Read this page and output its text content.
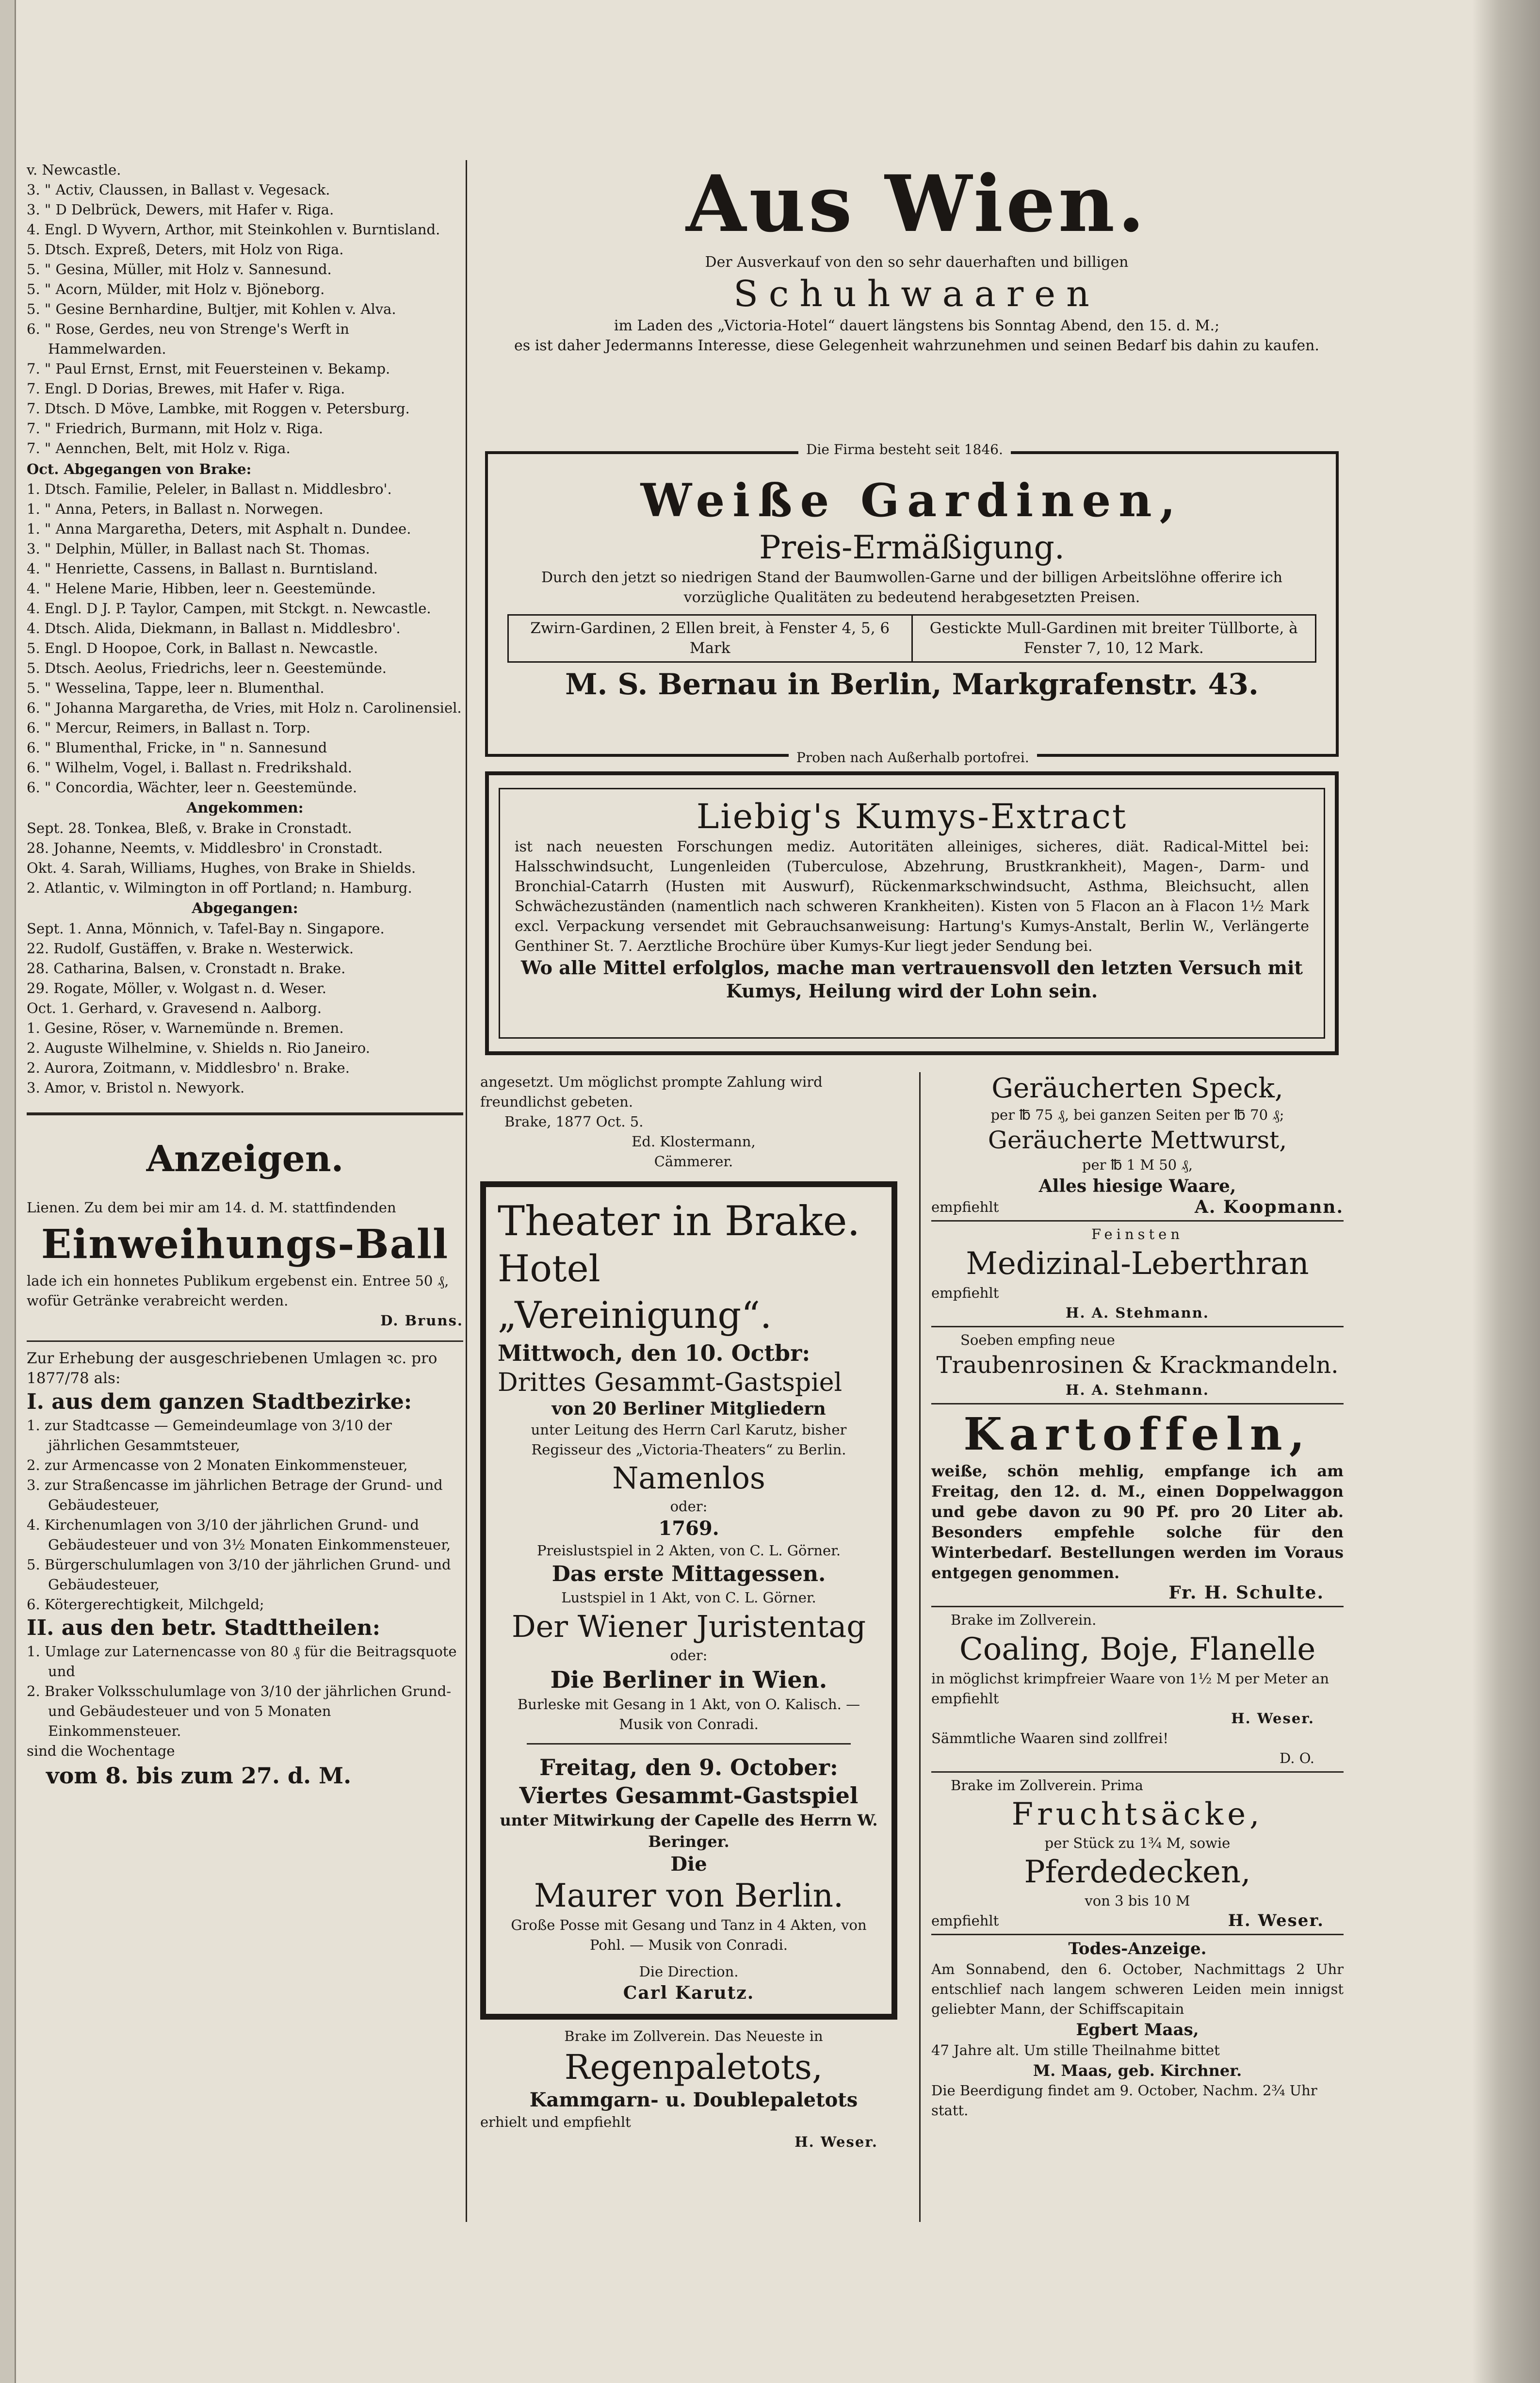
v. Newcastle.
3. " Activ, Claussen, in Ballast v. Vegesack.
3. " D Delbrück, Dewers, mit Hafer v. Riga.
4. Engl. D Wyvern, Arthor, mit Steinkohlen v. Burntisland.
5. Dtsch. Expreß, Deters, mit Holz von Riga.
5. " Gesina, Müller, mit Holz v. Sannesund.
5. " Acorn, Mülder, mit Holz v. Bjöneborg.
5. " Gesine Bernhardine, Bultjer, mit Kohlen v. Alva.
6. " Rose, Gerdes, neu von Strenge's Werft in Hammelwarden.
7. " Paul Ernst, Ernst, mit Feuersteinen v. Bekamp.
7. Engl. D Dorias, Brewes, mit Hafer v. Riga.
7. Dtsch. D Möve, Lambke, mit Roggen v. Petersburg.
7. " Friedrich, Burmann, mit Holz v. Riga.
7. " Aennchen, Belt, mit Holz v. Riga.
Oct. Abgegangen von Brake:
1. Dtsch. Familie, Peleler, in Ballast n. Middlesbro'.
1. " Anna, Peters, in Ballast n. Norwegen.
1. " Anna Margaretha, Deters, mit Asphalt n. Dundee.
3. " Delphin, Müller, in Ballast nach St. Thomas.
4. " Henriette, Cassens, in Ballast n. Burntisland.
4. " Helene Marie, Hibben, leer n. Geestemünde.
4. Engl. D J. P. Taylor, Campen, mit Stckgt. n. Newcastle.
4. Dtsch. Alida, Diekmann, in Ballast n. Middlesbro'.
5. Engl. D Hoopoe, Cork, in Ballast n. Newcastle.
5. Dtsch. Aeolus, Friedrichs, leer n. Geestemünde.
5. " Wesselina, Tappe, leer n. Blumenthal.
6. " Johanna Margaretha, de Vries, mit Holz n. Carolinensiel.
6. " Mercur, Reimers, in Ballast n. Torp.
6. " Blumenthal, Fricke, in " n. Sannesund
6. " Wilhelm, Vogel, i. Ballast n. Fredrikshald.
6. " Concordia, Wächter, leer n. Geestemünde.
Angekommen:
Sept. 28. Tonkea, Bleß, v. Brake in Cronstadt.
28. Johanne, Neemts, v. Middlesbro' in Cronstadt.
Okt. 4. Sarah, Williams, Hughes, von Brake in Shields.
2. Atlantic, v. Wilmington in off Portland; n. Hamburg.
Abgegangen:
Sept. 1. Anna, Mönnich, v. Tafel-Bay n. Singapore.
22. Rudolf, Gustäffen, v. Brake n. Westerwick.
28. Catharina, Balsen, v. Cronstadt n. Brake.
29. Rogate, Möller, v. Wolgast n. d. Weser.
Oct. 1. Gerhard, v. Gravesend n. Aalborg.
1. Gesine, Röser, v. Warnemünde n. Bremen.
2. Auguste Wilhelmine, v. Shields n. Rio Janeiro.
2. Aurora, Zoitmann, v. Middlesbro' n. Brake.
3. Amor, v. Bristol n. Newyork.
Anzeigen.
Lienen. Zu dem bei mir am 14. d. M. stattfindenden
Einweihungs-Ball
lade ich ein honnetes Publikum ergebenst ein. Entree 50 ₰, wofür Getränke verabreicht werden.
D. Bruns.
Zur Erhebung der ausgeschriebenen Umlagen ꝛc. pro 1877/78 als:
I. aus dem ganzen Stadtbezirke:
1. zur Stadtcasse — Gemeindeumlage von 3/10 der jährlichen Gesammtsteuer,
2. zur Armencasse von 2 Monaten Einkommensteuer,
3. zur Straßencasse im jährlichen Betrage der Grund- und Gebäudesteuer,
4. Kirchenumlagen von 3/10 der jährlichen Grund- und Gebäudesteuer und von 3½ Monaten Einkommensteuer,
5. Bürgerschulumlagen von 3/10 der jährlichen Grund- und Gebäudesteuer,
6. Kötergerechtigkeit, Milchgeld;
II. aus den betr. Stadttheilen:
1. Umlage zur Laternencasse von 80 ₰ für die Beitragsquote und
2. Braker Volksschulumlage von 3/10 der jährlichen Grund- und Gebäudesteuer und von 5 Monaten Einkommensteuer.
sind die Wochentage
vom 8. bis zum 27. d. M.
Aus Wien.
Der Ausverkauf von den so sehr dauerhaften und billigen
Schuhwaaren
im Laden des „Victoria-Hotel“ dauert längstens bis Sonntag Abend, den 15. d. M.;
es ist daher Jedermanns Interesse, diese Gelegenheit wahrzunehmen und seinen Bedarf bis dahin zu kaufen.
Die Firma besteht seit 1846.
Weiße Gardinen,
Preis-Ermäßigung.
Durch den jetzt so niedrigen Stand der Baumwollen-Garne und der billigen Arbeitslöhne offerire ich vorzügliche Qualitäten zu bedeutend herabgesetzten Preisen.
Zwirn-Gardinen, 2 Ellen breit, à Fenster 4, 5, 6 Mark
Gestickte Mull-Gardinen mit breiter Tüllborte, à Fenster 7, 10, 12 Mark.
M. S. Bernau in Berlin, Markgrafenstr. 43.
Proben nach Außerhalb portofrei.
Liebig's Kumys-Extract
ist nach neuesten Forschungen mediz. Autoritäten alleiniges, sicheres, diät. Radical-Mittel bei: Halsschwindsucht, Lungenleiden (Tuberculose, Abzehrung, Brustkrankheit), Magen-, Darm- und Bronchial-Catarrh (Husten mit Auswurf), Rückenmarkschwindsucht, Asthma, Bleichsucht, allen Schwächezuständen (namentlich nach schweren Krankheiten). Kisten von 5 Flacon an à Flacon 1½ Mark excl. Verpackung versendet mit Gebrauchsanweisung: Hartung's Kumys-Anstalt, Berlin W., Verlängerte Genthiner St. 7. Aerztliche Brochüre über Kumys-Kur liegt jeder Sendung bei.
Wo alle Mittel erfolglos, mache man vertrauensvoll den letzten Versuch mit Kumys, Heilung wird der Lohn sein.
angesetzt. Um möglichst prompte Zahlung wird freundlichst gebeten.
Brake, 1877 Oct. 5.
Ed. Klostermann,
Cämmerer.
Theater in Brake.
Hotel „Vereinigung“.
Mittwoch, den 10. Octbr:
Drittes Gesammt-Gastspiel
von 20 Berliner Mitgliedern
unter Leitung des Herrn Carl Karutz, bisher Regisseur des „Victoria-Theaters“ zu Berlin.
Namenlos
oder:
1769.
Preislustspiel in 2 Akten, von C. L. Görner.
Das erste Mittagessen.
Lustspiel in 1 Akt, von C. L. Görner.
Der Wiener Juristentag
oder:
Die Berliner in Wien.
Burleske mit Gesang in 1 Akt, von O. Kalisch. — Musik von Conradi.
Freitag, den 9. October:
Viertes Gesammt-Gastspiel
unter Mitwirkung der Capelle des Herrn W. Beringer.
Die
Maurer von Berlin.
Große Posse mit Gesang und Tanz in 4 Akten, von Pohl. — Musik von Conradi.
Die Direction.
Carl Karutz.
Brake im Zollverein. Das Neueste in
Regenpaletots,
Kammgarn- u. Doublepaletots
erhielt und empfiehlt
H. Weser.
Geräucherten Speck,
per ℔ 75 ₰, bei ganzen Seiten per ℔ 70 ₰;
Geräucherte Mettwurst,
per ℔ 1 M 50 ₰,
Alles hiesige Waare,
empfiehlt	A. Koopmann.
Feinsten
Medizinal-Leberthran
empfiehlt
H. A. Stehmann.
Soeben empfing neue
Traubenrosinen & Krackmandeln.
H. A. Stehmann.
Kartoffeln,
weiße, schön mehlig, empfange ich am Freitag, den 12. d. M., einen Doppelwaggon und gebe davon zu 90 Pf. pro 20 Liter ab. Besonders empfehle solche für den Winterbedarf. Bestellungen werden im Voraus entgegen genommen.
Fr. H. Schulte.
Brake im Zollverein.
Coaling, Boje, Flanelle
in möglichst krimpfreier Waare von 1½ M per Meter an empfiehlt
H. Weser.
Sämmtliche Waaren sind zollfrei!
D. O.
Brake im Zollverein. Prima
Fruchtsäcke,
per Stück zu 1¾ M, sowie
Pferdedecken,
von 3 bis 10 M
empfiehlt	H. Weser.
Todes-Anzeige.
Am Sonnabend, den 6. October, Nachmittags 2 Uhr entschlief nach langem schweren Leiden mein innigst geliebter Mann, der Schiffscapitain
Egbert Maas,
47 Jahre alt. Um stille Theilnahme bittet
M. Maas, geb. Kirchner.
Die Beerdigung findet am 9. October, Nachm. 2¾ Uhr statt.
